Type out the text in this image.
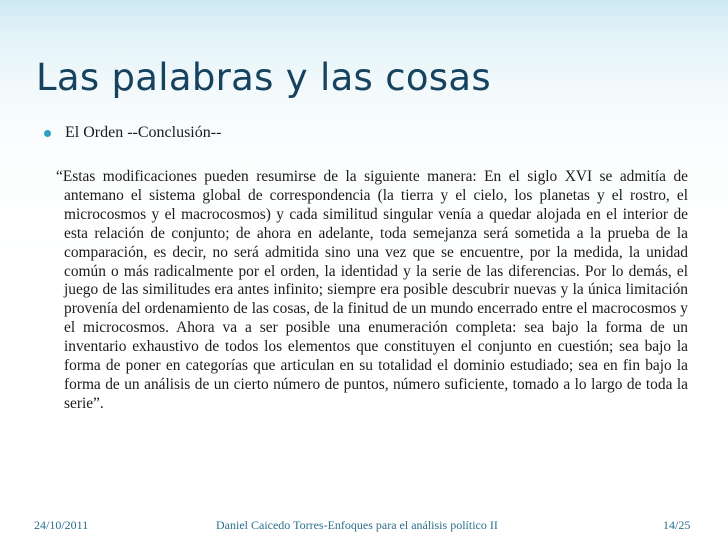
Las palabras y las cosas
El Orden --Conclusión--
“Estas modificaciones pueden resumirse de la siguiente manera: En el siglo XVI se admitía de antemano el sistema global de correspondencia (la tierra y el cielo, los planetas y el rostro, el microcosmos y el macrocosmos) y cada similitud singular venía a quedar alojada en el interior de esta relación de conjunto; de ahora en adelante, toda semejanza será sometida a la prueba de la comparación, es decir, no será admitida sino una vez que se encuentre, por la medida, la unidad común o más radicalmente por el orden, la identidad y la serie de las diferencias. Por lo demás, el juego de las similitudes era antes infinito; siempre era posible descubrir nuevas y la única limitación provenía del ordenamiento de las cosas, de la finitud de un mundo encerrado entre el macrocosmos y el microcosmos. Ahora va a ser posible una enumeración completa: sea bajo la forma de un inventario exhaustivo de todos los elementos que constituyen el conjunto en cuestión; sea bajo la forma de poner en categorías que articulan en su totalidad el dominio estudiado; sea en fin bajo la forma de un análisis de un cierto número de puntos, número suficiente, tomado a lo largo de toda la serie”.
24/10/2011	Daniel Caicedo Torres-Enfoques para el análisis político II	14/25
